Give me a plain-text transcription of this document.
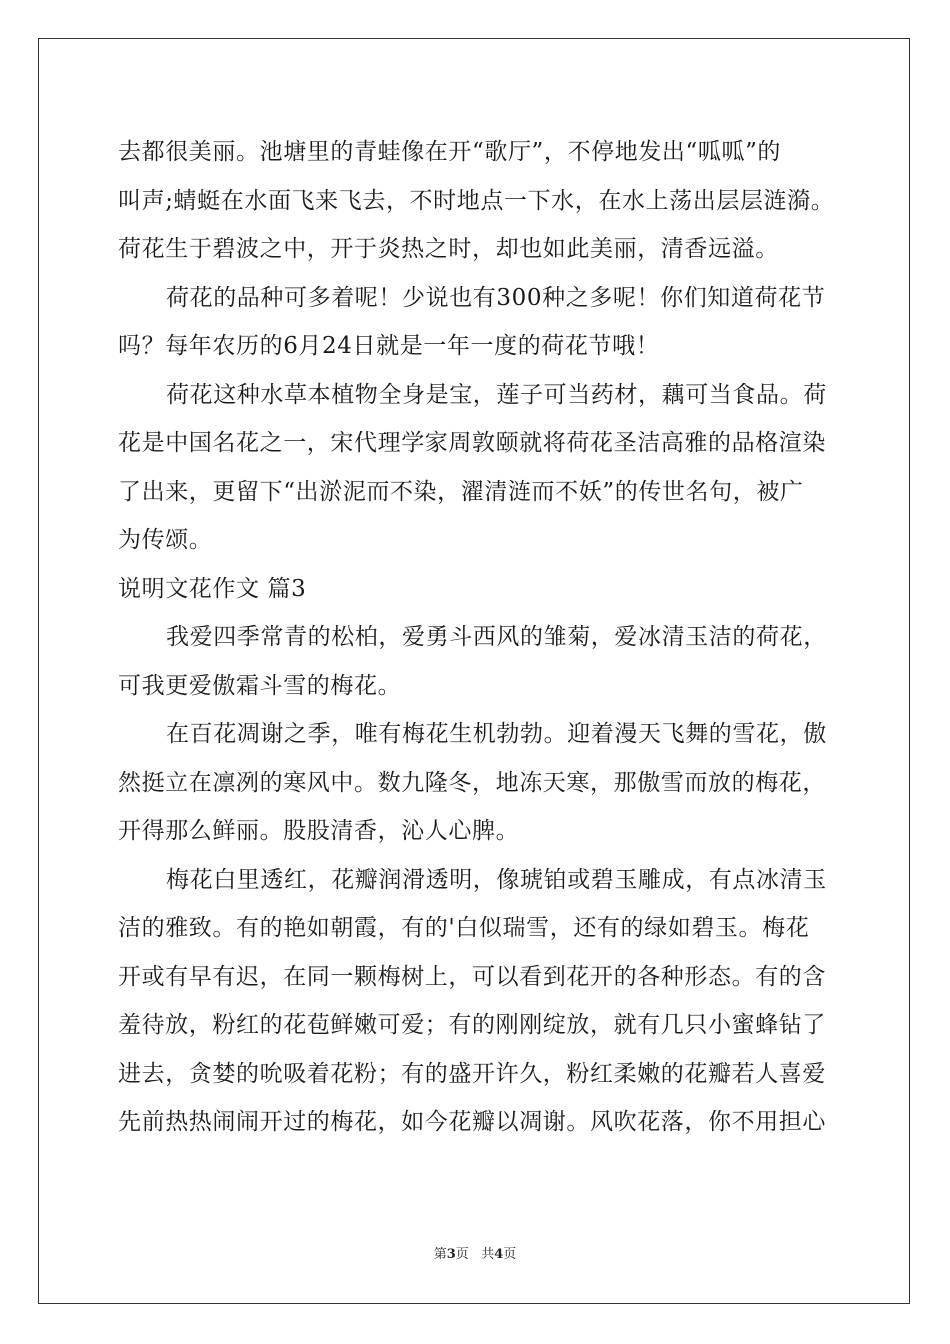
去都很美丽。池塘里的青蛙像在开“歌厅”，不停地发出“呱呱”的
叫声;蜻蜓在水面飞来飞去，不时地点一下水，在水上荡出层层涟漪。
荷花生于碧波之中，开于炎热之时，却也如此美丽，清香远溢。
荷花的品种可多着呢！少说也有300种之多呢！你们知道荷花节
吗？每年农历的6月24日就是一年一度的荷花节哦！
荷花这种水草本植物全身是宝，莲子可当药材，藕可当食品。荷
花是中国名花之一，宋代理学家周敦颐就将荷花圣洁高雅的品格渲染
了出来，更留下“出淤泥而不染，濯清涟而不妖”的传世名句，被广
为传颂。
说明文花作文 篇3
我爱四季常青的松柏，爱勇斗西风的雏菊，爱冰清玉洁的荷花，
可我更爱傲霜斗雪的梅花。
在百花凋谢之季，唯有梅花生机勃勃。迎着漫天飞舞的雪花，傲
然挺立在凛冽的寒风中。数九隆冬，地冻天寒，那傲雪而放的梅花，
开得那么鲜丽。股股清香，沁人心脾。
梅花白里透红，花瓣润滑透明，像琥铂或碧玉雕成，有点冰清玉
洁的雅致。有的艳如朝霞，有的'白似瑞雪，还有的绿如碧玉。梅花
开或有早有迟，在同一颗梅树上，可以看到花开的各种形态。有的含
羞待放，粉红的花苞鲜嫩可爱；有的刚刚绽放，就有几只小蜜蜂钻了
进去，贪婪的吮吸着花粉；有的盛开许久，粉红柔嫩的花瓣若人喜爱
先前热热闹闹开过的梅花，如今花瓣以凋谢。风吹花落，你不用担心
第3页 共4页
